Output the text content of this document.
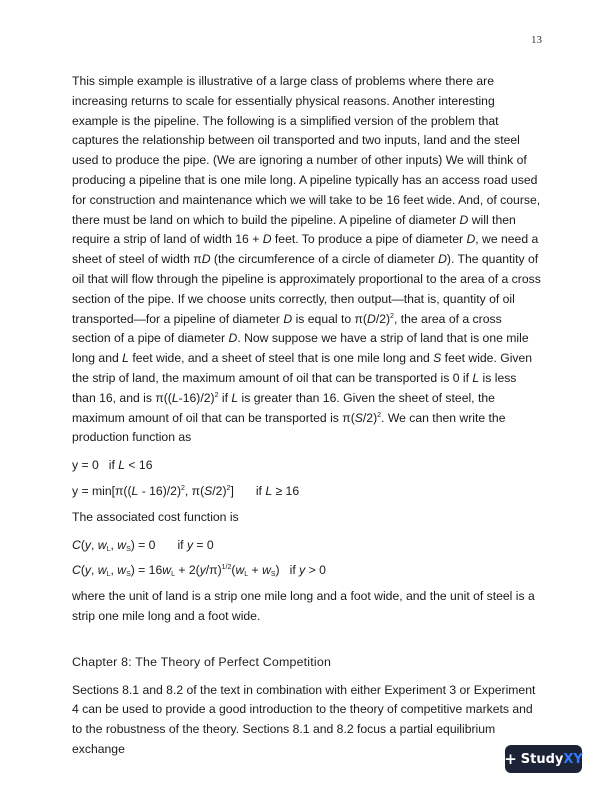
13

This simple example is illustrative of a large class of problems where there are increasing returns to scale for essentially physical reasons. Another interesting example is the pipeline. The following is a simplified version of the problem that captures the relationship between oil transported and two inputs, land and the steel used to produce the pipe. (We are ignoring a number of other inputs) We will think of producing a pipeline that is one mile long. A pipeline typically has an access road used for construction and maintenance which we will take to be 16 feet wide. And, of course, there must be land on which to build the pipeline. A pipeline of diameter D will then require a strip of land of width 16 + D feet. To produce a pipe of diameter D, we need a sheet of steel of width πD (the circumference of a circle of diameter D). The quantity of oil that will flow through the pipeline is approximately proportional to the area of a cross section of the pipe. If we choose units correctly, then output—that is, quantity of oil transported—for a pipeline of diameter D is equal to $\pi(D/2)^2$, the area of a cross section of a pipe of diameter D. Now suppose we have a strip of land that is one mile long and L feet wide, and a sheet of steel that is one mile long and S feet wide. Given the strip of land, the maximum amount of oil that can be transported is 0 if L is less than 16, and is $\pi((L-16)/2)^2$ if L is greater than 16. Given the sheet of steel, the maximum amount of oil that can be transported is $\pi(S/2)^2$. We can then write the production function as

y = 0 if L < 16

y = min[π((L - 16)/2)$^2$, $\pi(S/2)^2$] if L ≥ 16

The associated cost function is

C(y, $w_L$, $w_S) = 0$ if y = 0

C(y, $w_L$, $w_S) = 16w_L + 2(y/\pi)^{1/2}(w_L + w_S)$ if y > 0

where the unit of land is a strip one mile long and a foot wide, and the unit of steel is a strip one mile long and a foot wide.

Chapter 8: The Theory of Perfect Competition

Sections 8.1 and 8.2 of the text in combination with either Experiment 3 or Experiment 4 can be used to provide a good introduction to the theory of competitive markets and to the robustness of the theory. Sections 8.1 and 8.2 focus a partial equilibrium exchange

+ Study XY
